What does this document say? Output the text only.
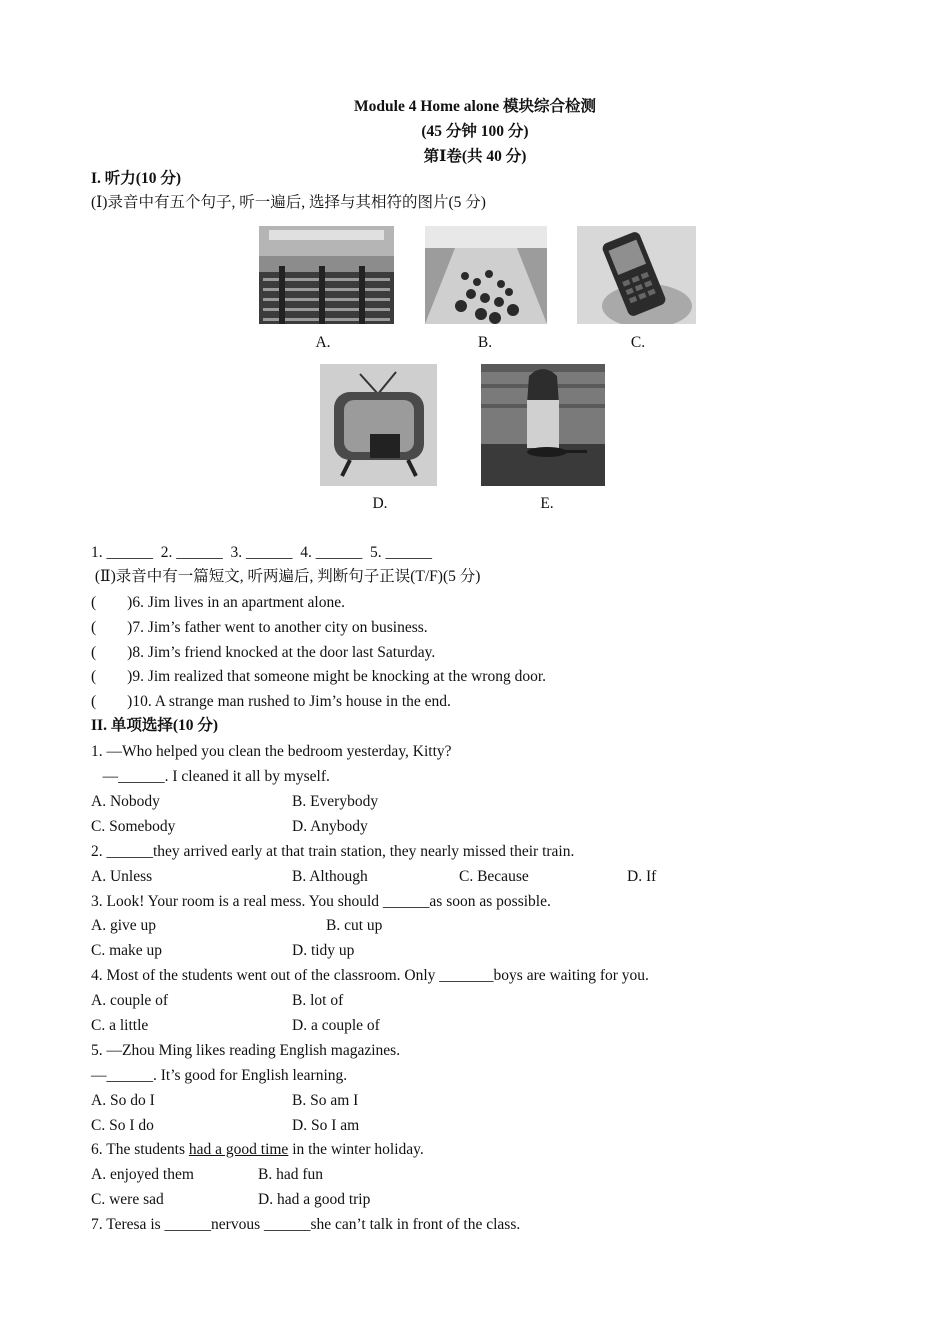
Module 4 Home alone 模块综合检测
(45 分钟 100 分)
第Ⅰ卷(共 40 分)
I. 听力(10 分)
(Ⅰ)录音中有五个句子, 听一遍后, 选择与其相符的图片(5 分)
A.	B.	C.
D.	E.
1. ______  2. ______  3. ______  4. ______  5. ______
(Ⅱ)录音中有一篇短文, 听两遍后, 判断句子正误(T/F)(5 分)
(        )6. Jim lives in an apartment alone.
(        )7. Jim’s father went to another city on business.
(        )8. Jim’s friend knocked at the door last Saturday.
(        )9. Jim realized that someone might be knocking at the wrong door.
(        )10. A strange man rushed to Jim’s house in the end.
II. 单项选择(10 分)
1. —Who helped you clean the bedroom yesterday, Kitty?
—______. I cleaned it all by myself.
A. Nobody	B. Everybody
C. Somebody	D. Anybody
2. ______they arrived early at that train station, they nearly missed their train.
A. Unless	B. Although	C. Because	D. If
3. Look! Your room is a real mess. You should ______as soon as possible.
A. give up	B. cut up
C. make up	D. tidy up
4. Most of the students went out of the classroom. Only _______boys are waiting for you.
A. couple of	B. lot of
C. a little	D. a couple of
5. —Zhou Ming likes reading English magazines.
—______. It’s good for English learning.
A. So do I	B. So am I
C. So I do	D. So I am
6. The students had a good time in the winter holiday.
A. enjoyed them	B. had fun
C. were sad	D. had a good trip
7. Teresa is ______nervous ______she can’t talk in front of the class.
